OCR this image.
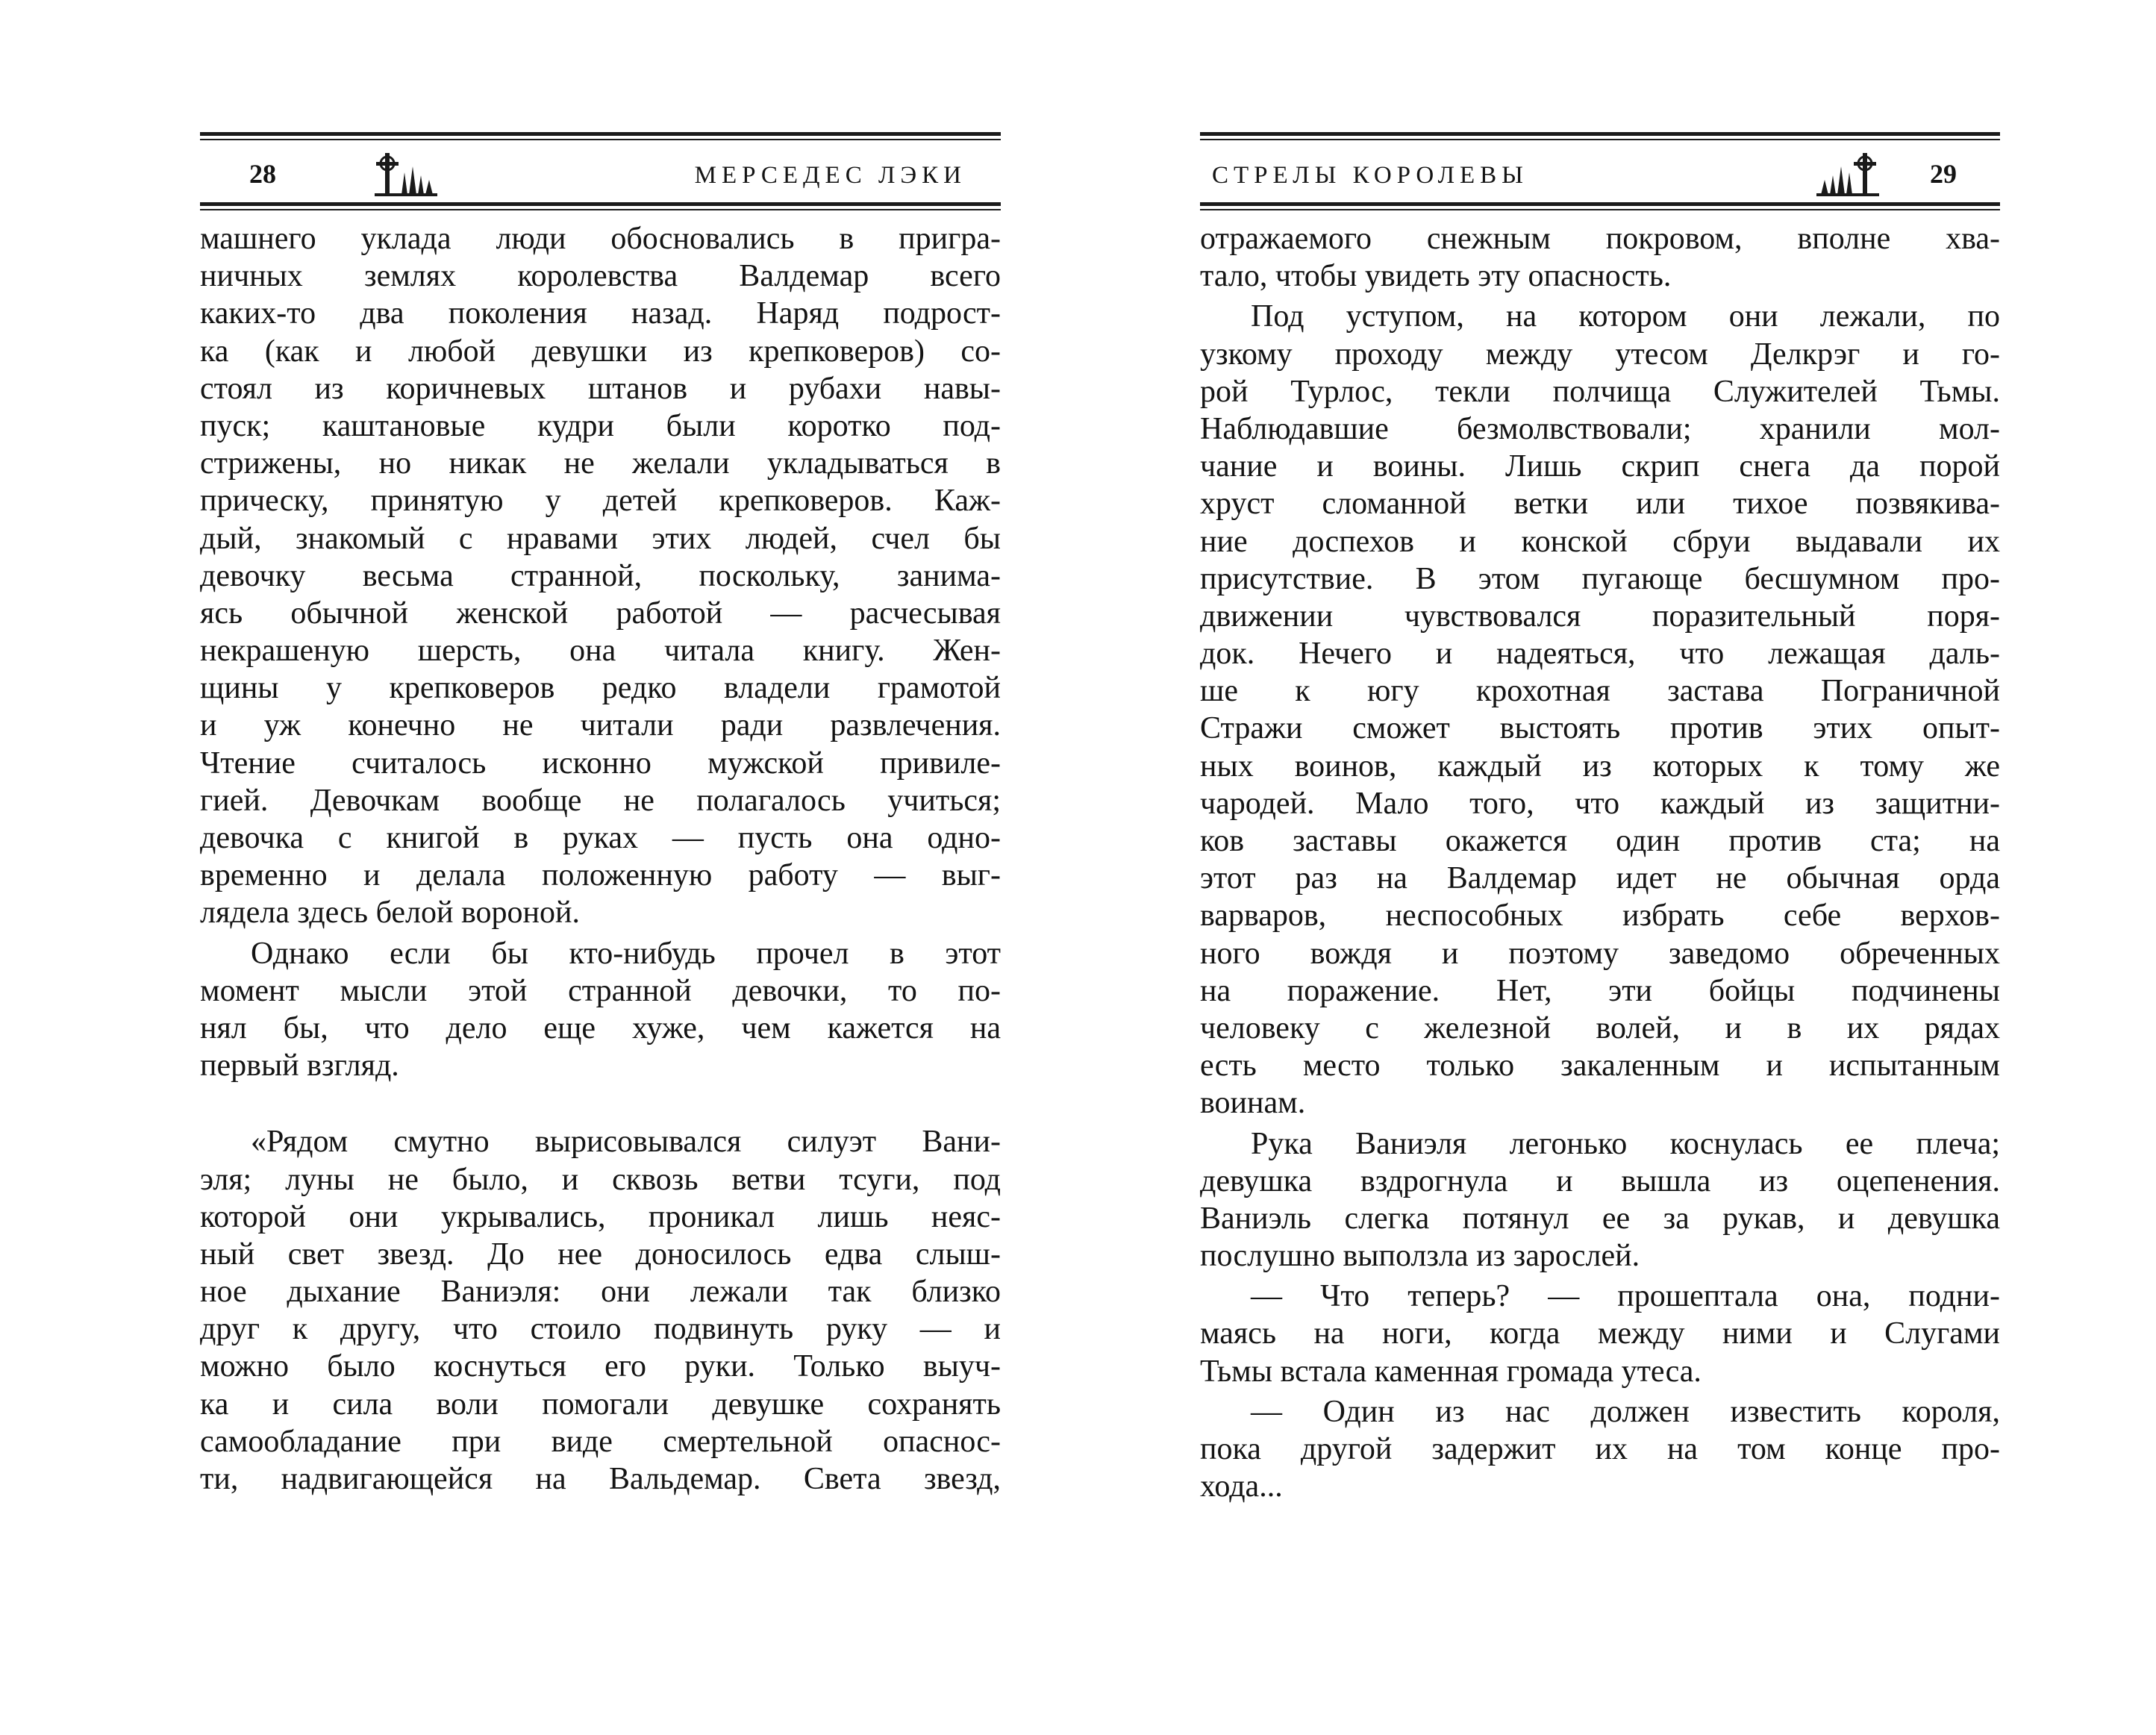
28	МЕРСЕДЕС ЛЭКИ
машнего уклада люди обосновались в пригра-
ничных землях королевства Валдемар всего
каких-то два поколения назад. Наряд подрост-
ка (как и любой девушки из крепковеров) со-
стоял из коричневых штанов и рубахи навы-
пуск; каштановые кудри были коротко под-
стрижены, но никак не желали укладываться в
прическу, принятую у детей крепковеров. Каж-
дый, знакомый с нравами этих людей, счел бы
девочку весьма странной, поскольку, занима-
ясь обычной женской работой — расчесывая
некрашеную шерсть, она читала книгу. Жен-
щины у крепковеров редко владели грамотой
и уж конечно не читали ради развлечения.
Чтение считалось исконно мужской привиле-
гией. Девочкам вообще не полагалось учиться;
девочка с книгой в руках — пусть она одно-
временно и делала положенную работу — выг-
лядела здесь белой вороной.
Однако если бы кто-нибудь прочел в этот
момент мысли этой странной девочки, то по-
нял бы, что дело еще хуже, чем кажется на
первый взгляд.
«Рядом смутно вырисовывался силуэт Вани-
эля; луны не было, и сквозь ветви тсуги, под
которой они укрывались, проникал лишь неяс-
ный свет звезд. До нее доносилось едва слыш-
ное дыхание Ваниэля: они лежали так близко
друг к другу, что стоило подвинуть руку — и
можно было коснуться его руки. Только выуч-
ка и сила воли помогали девушке сохранять
самообладание при виде смертельной опаснос-
ти, надвигающейся на Вальдемар. Света звезд,
СТРЕЛЫ КОРОЛЕВЫ	29
отражаемого снежным покровом, вполне хва-
тало, чтобы увидеть эту опасность.
Под уступом, на котором они лежали, по
узкому проходу между утесом Делкрэг и го-
рой Турлос, текли полчища Служителей Тьмы.
Наблюдавшие безмолвствовали; хранили мол-
чание и воины. Лишь скрип снега да порой
хруст сломанной ветки или тихое позвякива-
ние доспехов и конской сбруи выдавали их
присутствие. В этом пугающе бесшумном про-
движении чувствовался поразительный поря-
док. Нечего и надеяться, что лежащая даль-
ше к югу крохотная застава Пограничной
Стражи сможет выстоять против этих опыт-
ных воинов, каждый из которых к тому же
чародей. Мало того, что каждый из защитни-
ков заставы окажется один против ста; на
этот раз на Валдемар идет не обычная орда
варваров, неспособных избрать себе верхов-
ного вождя и поэтому заведомо обреченных
на поражение. Нет, эти бойцы подчинены
человеку с железной волей, и в их рядах
есть место только закаленным и испытанным
воинам.
Рука Ваниэля легонько коснулась ее плеча;
девушка вздрогнула и вышла из оцепенения.
Ваниэль слегка потянул ее за рукав, и девушка
послушно выползла из зарослей.
— Что теперь? — прошептала она, подни-
маясь на ноги, когда между ними и Слугами
Тьмы встала каменная громада утеса.
— Один из нас должен известить короля,
пока другой задержит их на том конце про-
хода...
